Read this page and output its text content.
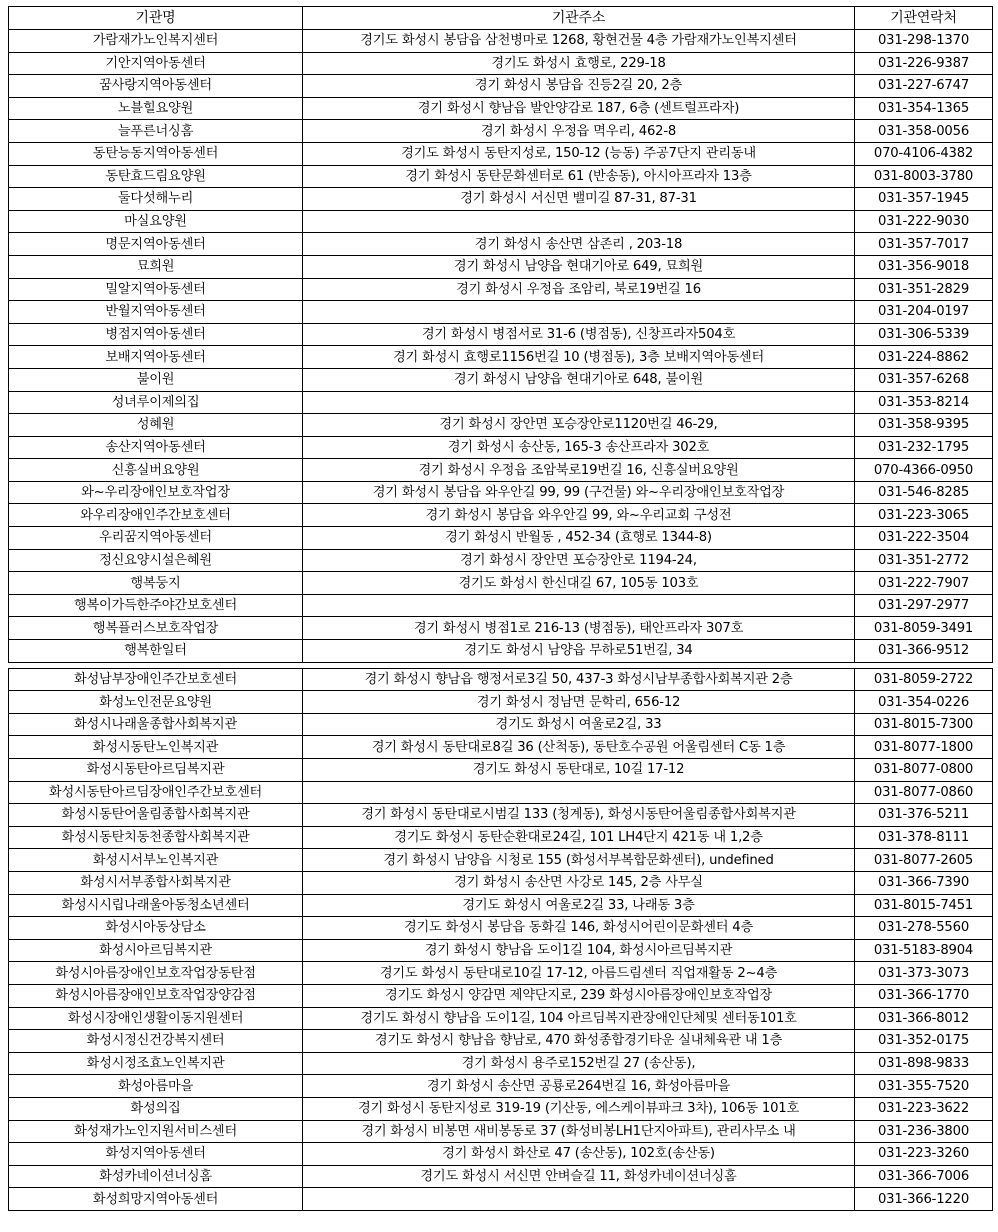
기관명	기관주소	기관연락처
가람재가노인복지센터	경기도 화성시 봉담읍 삼천병마로 1268, 황현건물 4층 가람재가노인복지센터	031-298-1370
기안지역아동센터	경기도 화성시 효행로, 229-18	031-226-9387
꿈사랑지역아동센터	경기 화성시 봉담읍 진등2길 20, 2층	031-227-6747
노블힐요양원	경기 화성시 향남읍 발안양감로 187, 6층 (센트럴프라자)	031-354-1365
늘푸른너싱홈	경기 화성시 우정읍 멱우리, 462-8	031-358-0056
동탄능동지역아동센터	경기도 화성시 동탄지성로, 150-12 (능동) 주공7단지 관리동내	070-4106-4382
동탄효드림요양원	경기 화성시 동탄문화센터로 61 (반송동), 아시아프라자 13층	031-8003-3780
둘다섯해누리	경기 화성시 서신면 밸미길 87-31, 87-31	031-357-1945
마실요양원		031-222-9030
명문지역아동센터	경기 화성시 송산면 삼존리 , 203-18	031-357-7017
묘희원	경기 화성시 남양읍 현대기아로 649, 묘희원	031-356-9018
밀알지역아동센터	경기 화성시 우정읍 조암리, 북로19번길 16	031-351-2829
반월지역아동센터		031-204-0197
병점지역아동센터	경기 화성시 병점서로 31-6 (병점동), 신창프라자504호	031-306-5339
보배지역아동센터	경기 화성시 효행로1156번길 10 (병점동), 3층 보배지역아동센터	031-224-8862
불이원	경기 화성시 남양읍 현대기아로 648, 불이원	031-357-6268
성녀루이제의집		031-353-8214
성혜원	경기 화성시 장안면 포승장안로1120번길 46-29,	031-358-9395
송산지역아동센터	경기 화성시 송산동, 165-3 송산프라자 302호	031-232-1795
신흥실버요양원	경기 화성시 우정읍 조암북로19번길 16, 신흥실버요양원	070-4366-0950
와~우리장애인보호작업장	경기 화성시 봉담읍 와우안길 99, 99 (구건물) 와~우리장애인보호작업장	031-546-8285
와우리장애인주간보호센터	경기 화성시 봉담읍 와우안길 99, 와~우리교회 구성전	031-223-3065
우리꿈지역아동센터	경기 화성시 반월동 , 452-34 (효행로 1344-8)	031-222-3504
정신요양시설은혜원	경기 화성시 장안면 포승장안로 1194-24,	031-351-2772
행복둥지	경기도 화성시 한신대길 67, 105동 103호	031-222-7907
행복이가득한주야간보호센터		031-297-2977
행복플러스보호작업장	경기 화성시 병점1로 216-13 (병점동), 태안프라자 307호	031-8059-3491
행복한일터	경기도 화성시 남양읍 무하로51번길, 34	031-366-9512

화성남부장애인주간보호센터	경기 화성시 향남읍 행정서로3길 50, 437-3 화성시남부종합사회복지관 2층	031-8059-2722
화성노인전문요양원	경기 화성시 정남면 문학리, 656-12	031-354-0226
화성시나래울종합사회복지관	경기도 화성시 여울로2길, 33	031-8015-7300
화성시동탄노인복지관	경기 화성시 동탄대로8길 36 (산척동), 동탄호수공원 어울림센터 C동 1층	031-8077-1800
화성시동탄아르딤복지관	경기도 화성시 동탄대로, 10길 17-12	031-8077-0800
화성시동탄아르딤장애인주간보호센터		031-8077-0860
화성시동탄어울림종합사회복지관	경기 화성시 동탄대로시범길 133 (청계동), 화성시동탄어울림종합사회복지관	031-376-5211
화성시동탄치동천종합사회복지관	경기도 화성시 동탄순환대로24길, 101 LH4단지 421동 내 1,2층	031-378-8111
화성시서부노인복지관	경기 화성시 남양읍 시청로 155 (화성서부복합문화센터), undefined	031-8077-2605
화성시서부종합사회복지관	경기 화성시 송산면 사강로 145, 2층 사무실	031-366-7390
화성시시립나래울아동청소년센터	경기도 화성시 여울로2길 33, 나래동 3층	031-8015-7451
화성시아동상담소	경기도 화성시 봉담읍 동화길 146, 화성시어린이문화센터 4층	031-278-5560
화성시아르딤복지관	경기 화성시 향남읍 도이1길 104, 화성시아르딤복지관	031-5183-8904
화성시아름장애인보호작업장동탄점	경기도 화성시 동탄대로10길 17-12, 아름드림센터 직업재활동 2~4층	031-373-3073
화성시아름장애인보호작업장양감점	경기도 화성시 양감면 제약단지로, 239 화성시아름장애인보호작업장	031-366-1770
화성시장애인생활이동지원센터	경기도 화성시 향남읍 도이1길, 104 아르딤복지관장애인단체및 센터동101호	031-366-8012
화성시정신건강복지센터	경기도 화성시 향남읍 향남로, 470 화성종합경기타운 실내체육관 내 1층	031-352-0175
화성시정조효노인복지관	경기 화성시 용주로152번길 27 (송산동),	031-898-9833
화성아름마을	경기 화성시 송산면 공룡로264번길 16, 화성아름마을	031-355-7520
화성의집	경기 화성시 동탄지성로 319-19 (기산동, 에스케이뷰파크 3차), 106동 101호	031-223-3622
화성재가노인지원서비스센터	경기 화성시 비봉면 새비봉동로 37 (화성비봉LH1단지아파트), 관리사무소 내	031-236-3800
화성지역아동센터	경기 화성시 화산로 47 (송산동), 102호(송산동)	031-223-3260
화성카네이션너싱홈	경기도 화성시 서신면 안벼슬길 11, 화성카네이션너싱홈	031-366-7006
화성희망지역아동센터		031-366-1220
